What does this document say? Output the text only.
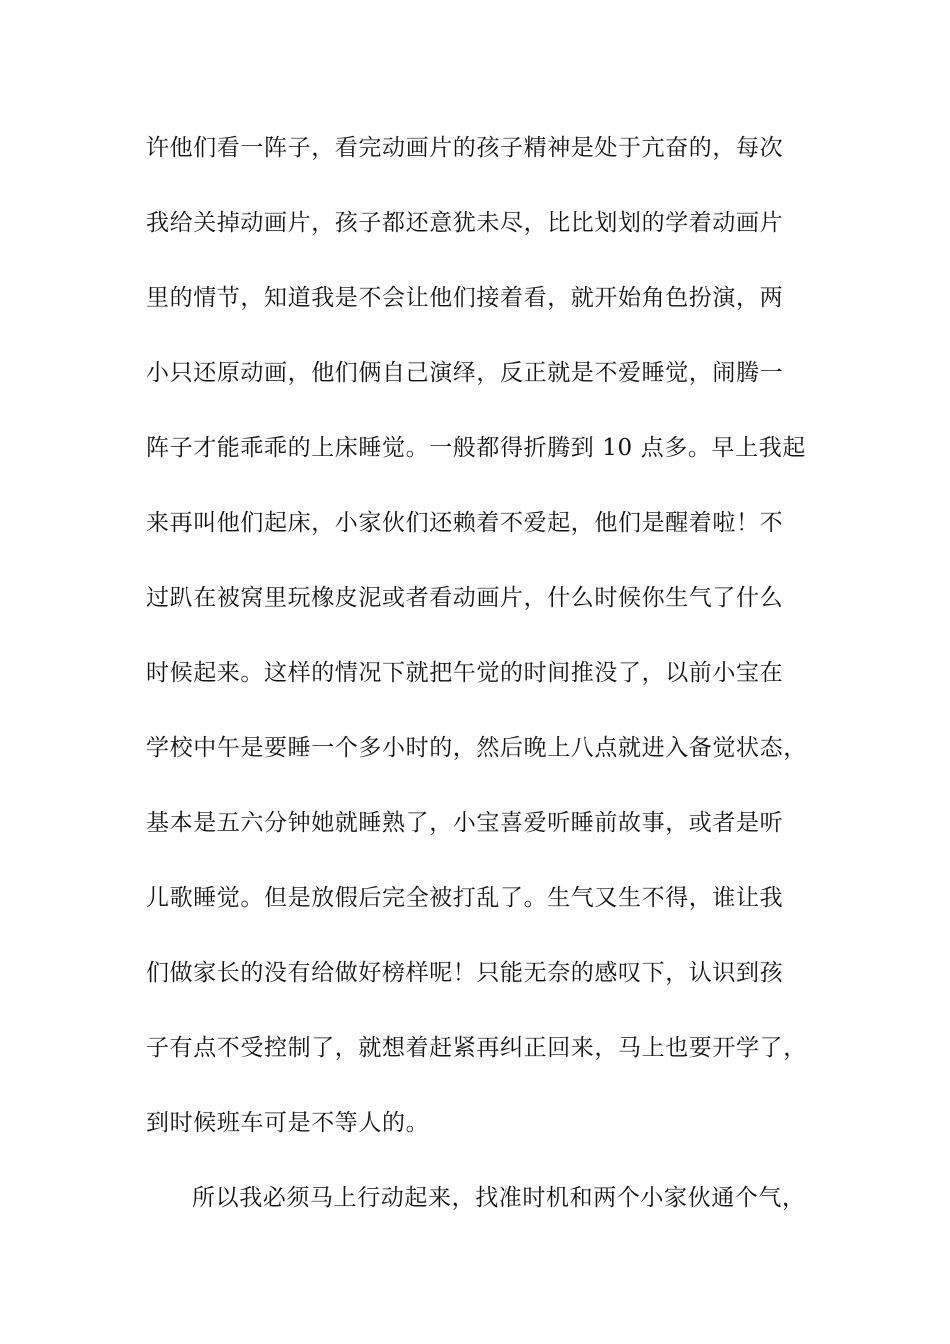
许他们看一阵子，看完动画片的孩子精神是处于亢奋的，每次
我给关掉动画片，孩子都还意犹未尽，比比划划的学着动画片
里的情节，知道我是不会让他们接着看，就开始角色扮演，两
小只还原动画，他们俩自己演绎，反正就是不爱睡觉，闹腾一
阵子才能乖乖的上床睡觉。一般都得折腾到 10 点多。早上我起
来再叫他们起床，小家伙们还赖着不爱起，他们是醒着啦！不
过趴在被窝里玩橡皮泥或者看动画片，什么时候你生气了什么
时候起来。这样的情况下就把午觉的时间推没了，以前小宝在
学校中午是要睡一个多小时的，然后晚上八点就进入备觉状态，
基本是五六分钟她就睡熟了，小宝喜爱听睡前故事，或者是听
儿歌睡觉。但是放假后完全被打乱了。生气又生不得，谁让我
们做家长的没有给做好榜样呢！只能无奈的感叹下，认识到孩
子有点不受控制了，就想着赶紧再纠正回来，马上也要开学了，
到时候班车可是不等人的。
所以我必须马上行动起来，找准时机和两个小家伙通个气，
